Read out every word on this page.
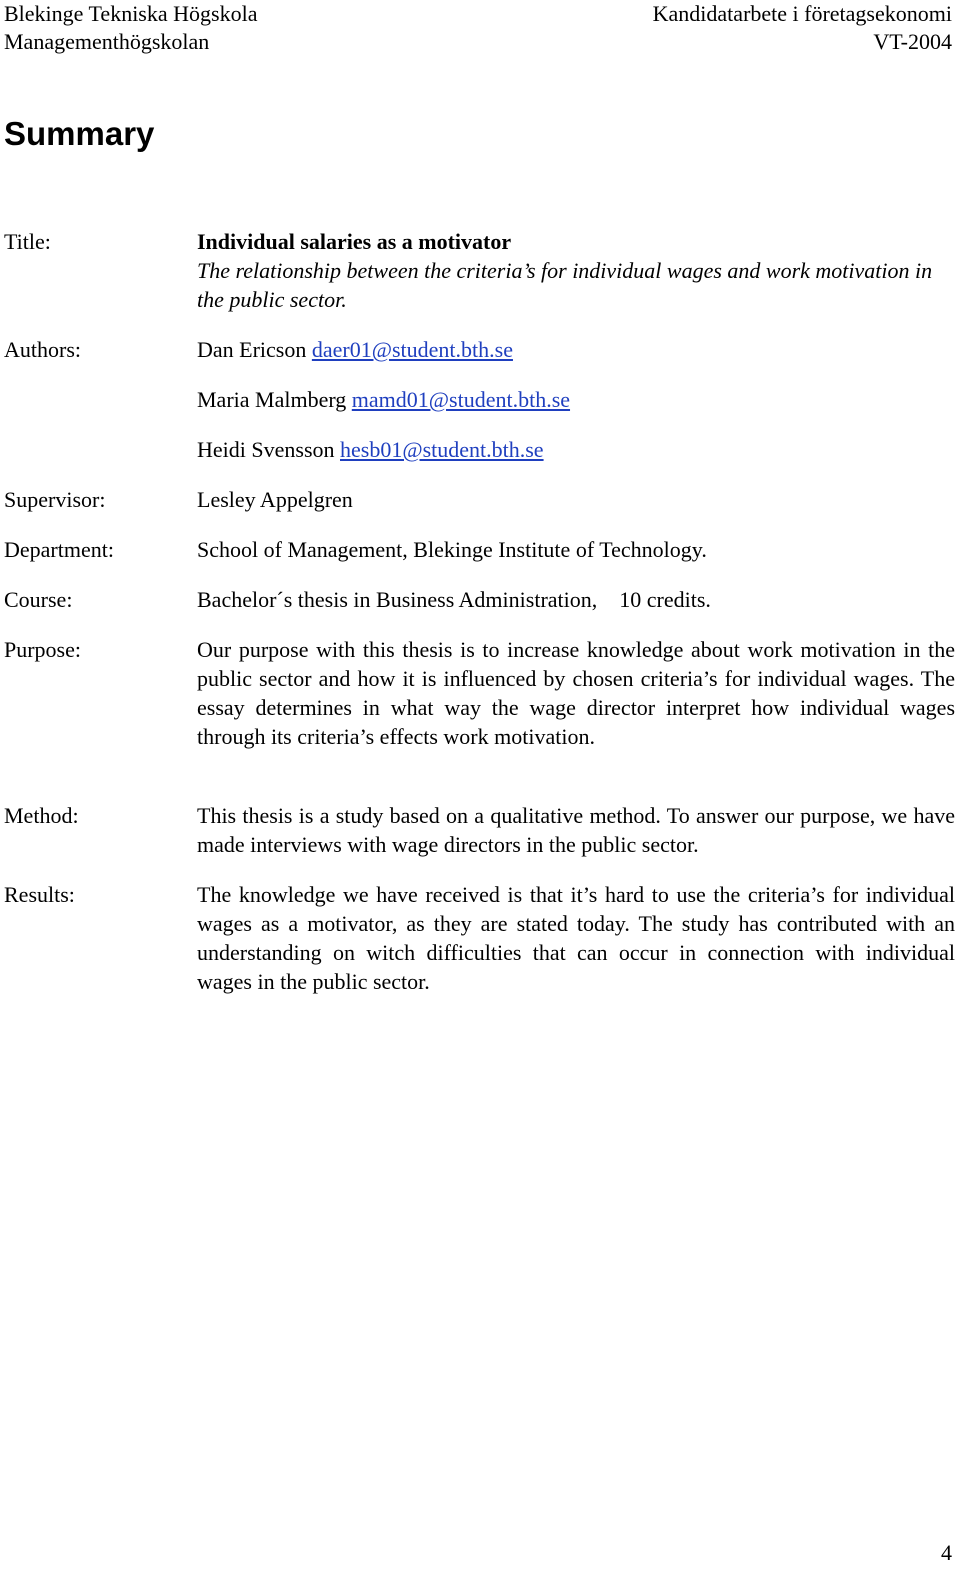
Blekinge Tekniska Högskola
Managementhögskolan
Kandidatarbete i företagsekonomi
VT-2004
Summary
Title:	Individual salaries as a motivator
The relationship between the criteria’s for individual wages and work motivation in the public sector.
Authors:	Dan Ericson daer01@student.bth.se
Maria Malmberg mamd01@student.bth.se
Heidi Svensson hesb01@student.bth.se
Supervisor:	Lesley Appelgren
Department:	School of Management, Blekinge Institute of Technology.
Course:	Bachelor´s thesis in Business Administration, 10 credits.
Purpose:	Our purpose with this thesis is to increase knowledge about work motivation in the public sector and how it is influenced by chosen criteria’s for individual wages. The essay determines in what way the wage director interpret how individual wages through its criteria’s effects work motivation.
Method:	This thesis is a study based on a qualitative method. To answer our purpose, we have made interviews with wage directors in the public sector.
Results:	The knowledge we have received is that it’s hard to use the criteria’s for individual wages as a motivator, as they are stated today. The study has contributed with an understanding on witch difficulties that can occur in connection with individual wages in the public sector.
4
